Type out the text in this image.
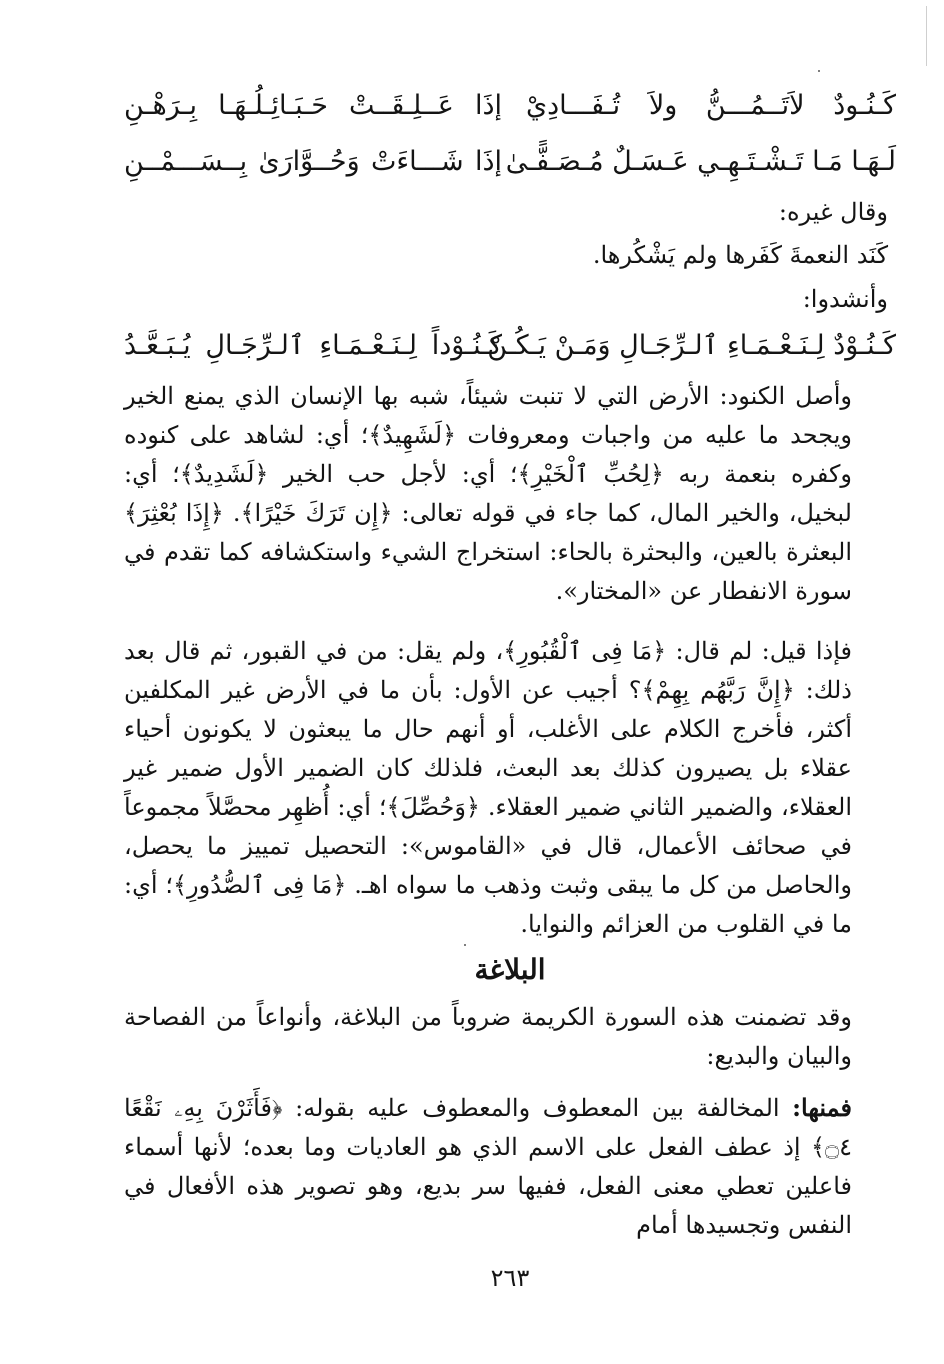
كَـنُـودٌ لاَتَــمُـــنُّ ولاَ تُـفَـــادِيْ
إذَا عَــلِـقَــتْ حَـبَـائِـلُـهَـا بِـرَهْـنِ
لَـهَـا مَـا تَـشْـتَـهِـي عَـسَـلٌ مُـصَـفًّـىٰ
إذَا شَـــاءَتْ وَحُــوَّارَىٰ بِــسَـــمْــنِ
وقال غيره:
كَنَد النعمةَ كَفَرها ولم يَشْكُرها.
وأنشدوا:
كَـنُـوْدٌ لِـنَـعْـمَـاءِ ٱلـرِّجَـالِ وَمَـنْ يَـكُـنْ
كَـنُـوْداً لِـنَـعْـمَـاءِ ٱلـرِّجَـالِ يُـبَـعَّـدُ

وأصل الكنود: الأرض التي لا تنبت شيئاً، شبه بها الإنسان الذي يمنع الخير ويجحد ما عليه من واجبات ومعروفات ﴿لَشَهِيدٌ﴾؛ أي: لشاهد على كنوده وكفره بنعمة ربه ﴿لِحُبِّ ٱلْخَيْرِ﴾؛ أي: لأجل حب الخير ﴿لَشَدِيدٌ﴾؛ أي: لبخيل، والخير المال، كما جاء في قوله تعالى: ﴿إِن تَرَكَ خَيْرًا﴾. ﴿إِذَا بُعْثِرَ﴾ البعثرة بالعين، والبحثرة بالحاء: استخراج الشيء واستكشافه كما تقدم في سورة الانفطار عن «المختار».

فإذا قيل: لم قال: ﴿مَا فِى ٱلْقُبُورِ﴾، ولم يقل: من في القبور، ثم قال بعد ذلك: ﴿إِنَّ رَبَّهُم بِهِمْ﴾؟ أجيب عن الأول: بأن ما في الأرض غير المكلفين أكثر، فأخرج الكلام على الأغلب، أو أنهم حال ما يبعثون لا يكونون أحياء عقلاء بل يصيرون كذلك بعد البعث، فلذلك كان الضمير الأول ضمير غير العقلاء، والضمير الثاني ضمير العقلاء. ﴿وَحُصِّلَ﴾؛ أي: أُظهِر محصَّلاً مجموعاً في صحائف الأعمال، قال في «القاموس»: التحصيل تمييز ما يحصل، والحاصل من كل ما يبقى وثبت وذهب ما سواه اهـ. ﴿مَا فِى ٱلصُّدُورِ﴾؛ أي: ما في القلوب من العزائم والنوايا.

البلاغة

وقد تضمنت هذه السورة الكريمة ضروباً من البلاغة، وأنواعاً من الفصاحة والبيان والبديع:

فمنها: المخالفة بين المعطوف والمعطوف عليه بقوله: ﴿فَأَثَرْنَ بِهِۦ نَقْعًا ۝٤﴾ إذ عطف الفعل على الاسم الذي هو العاديات وما بعده؛ لأنها أسماء فاعلين تعطي معنى الفعل، ففيها سر بديع، وهو تصوير هذه الأفعال في النفس وتجسيدها أمام

٢٦٣
